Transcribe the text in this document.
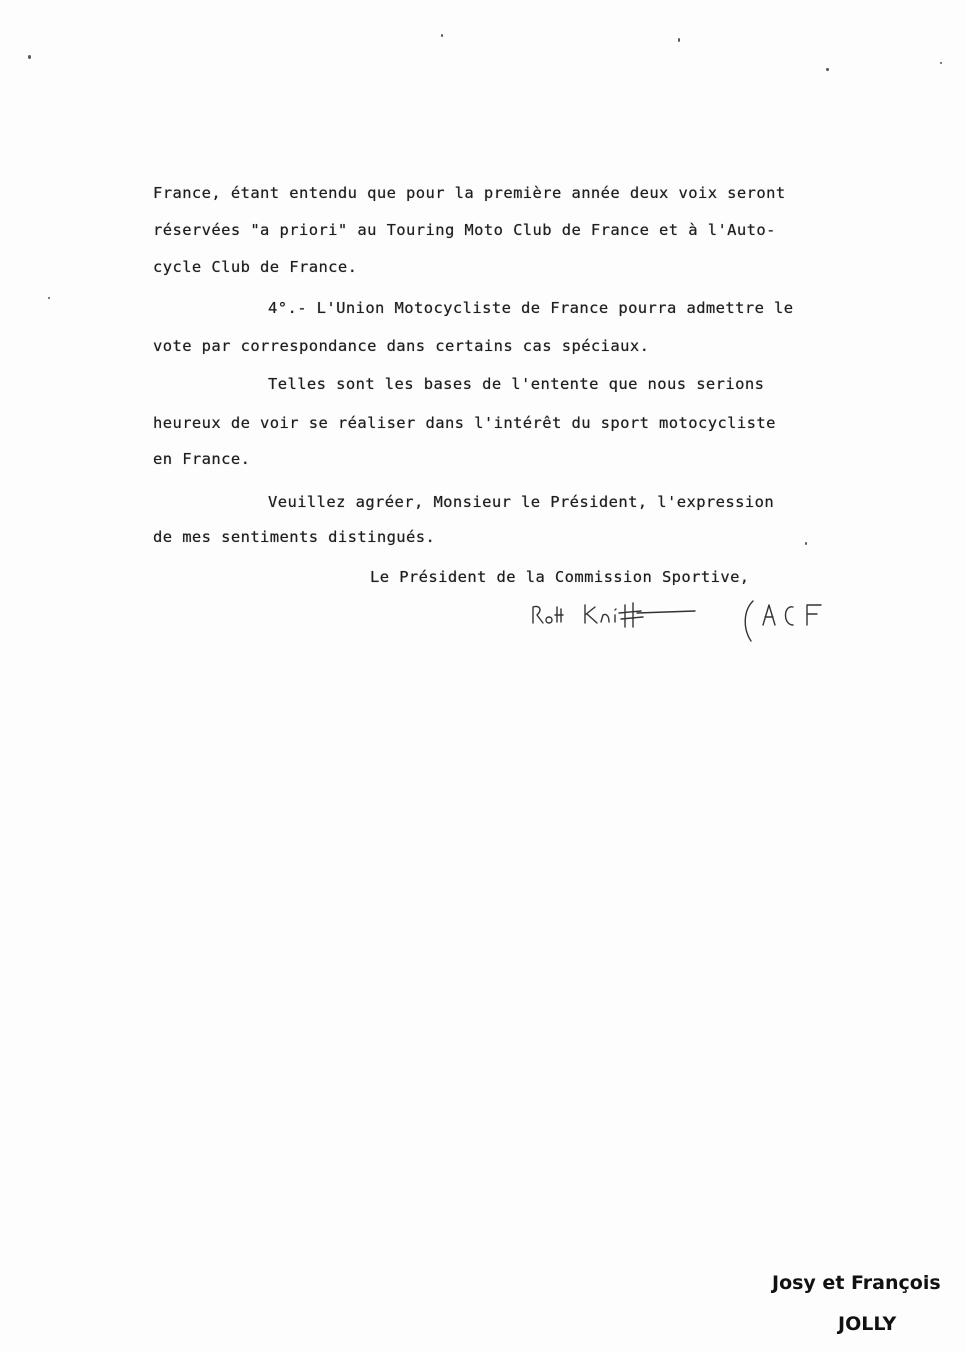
France, étant entendu que pour la première année deux voix seront
réservées "a priori" au Touring Moto Club de France et à l'Auto-
cycle Club de France.
4°.- L'Union Motocycliste de France pourra admettre le
vote par correspondance dans certains cas spéciaux.
Telles sont les bases de l'entente que nous serions
heureux de voir se réaliser dans l'intérêt du sport motocycliste
en France.
Veuillez agréer, Monsieur le Président, l'expression
de mes sentiments distingués.
Le Président de la Commission Sportive,
Josy et François
JOLLY
